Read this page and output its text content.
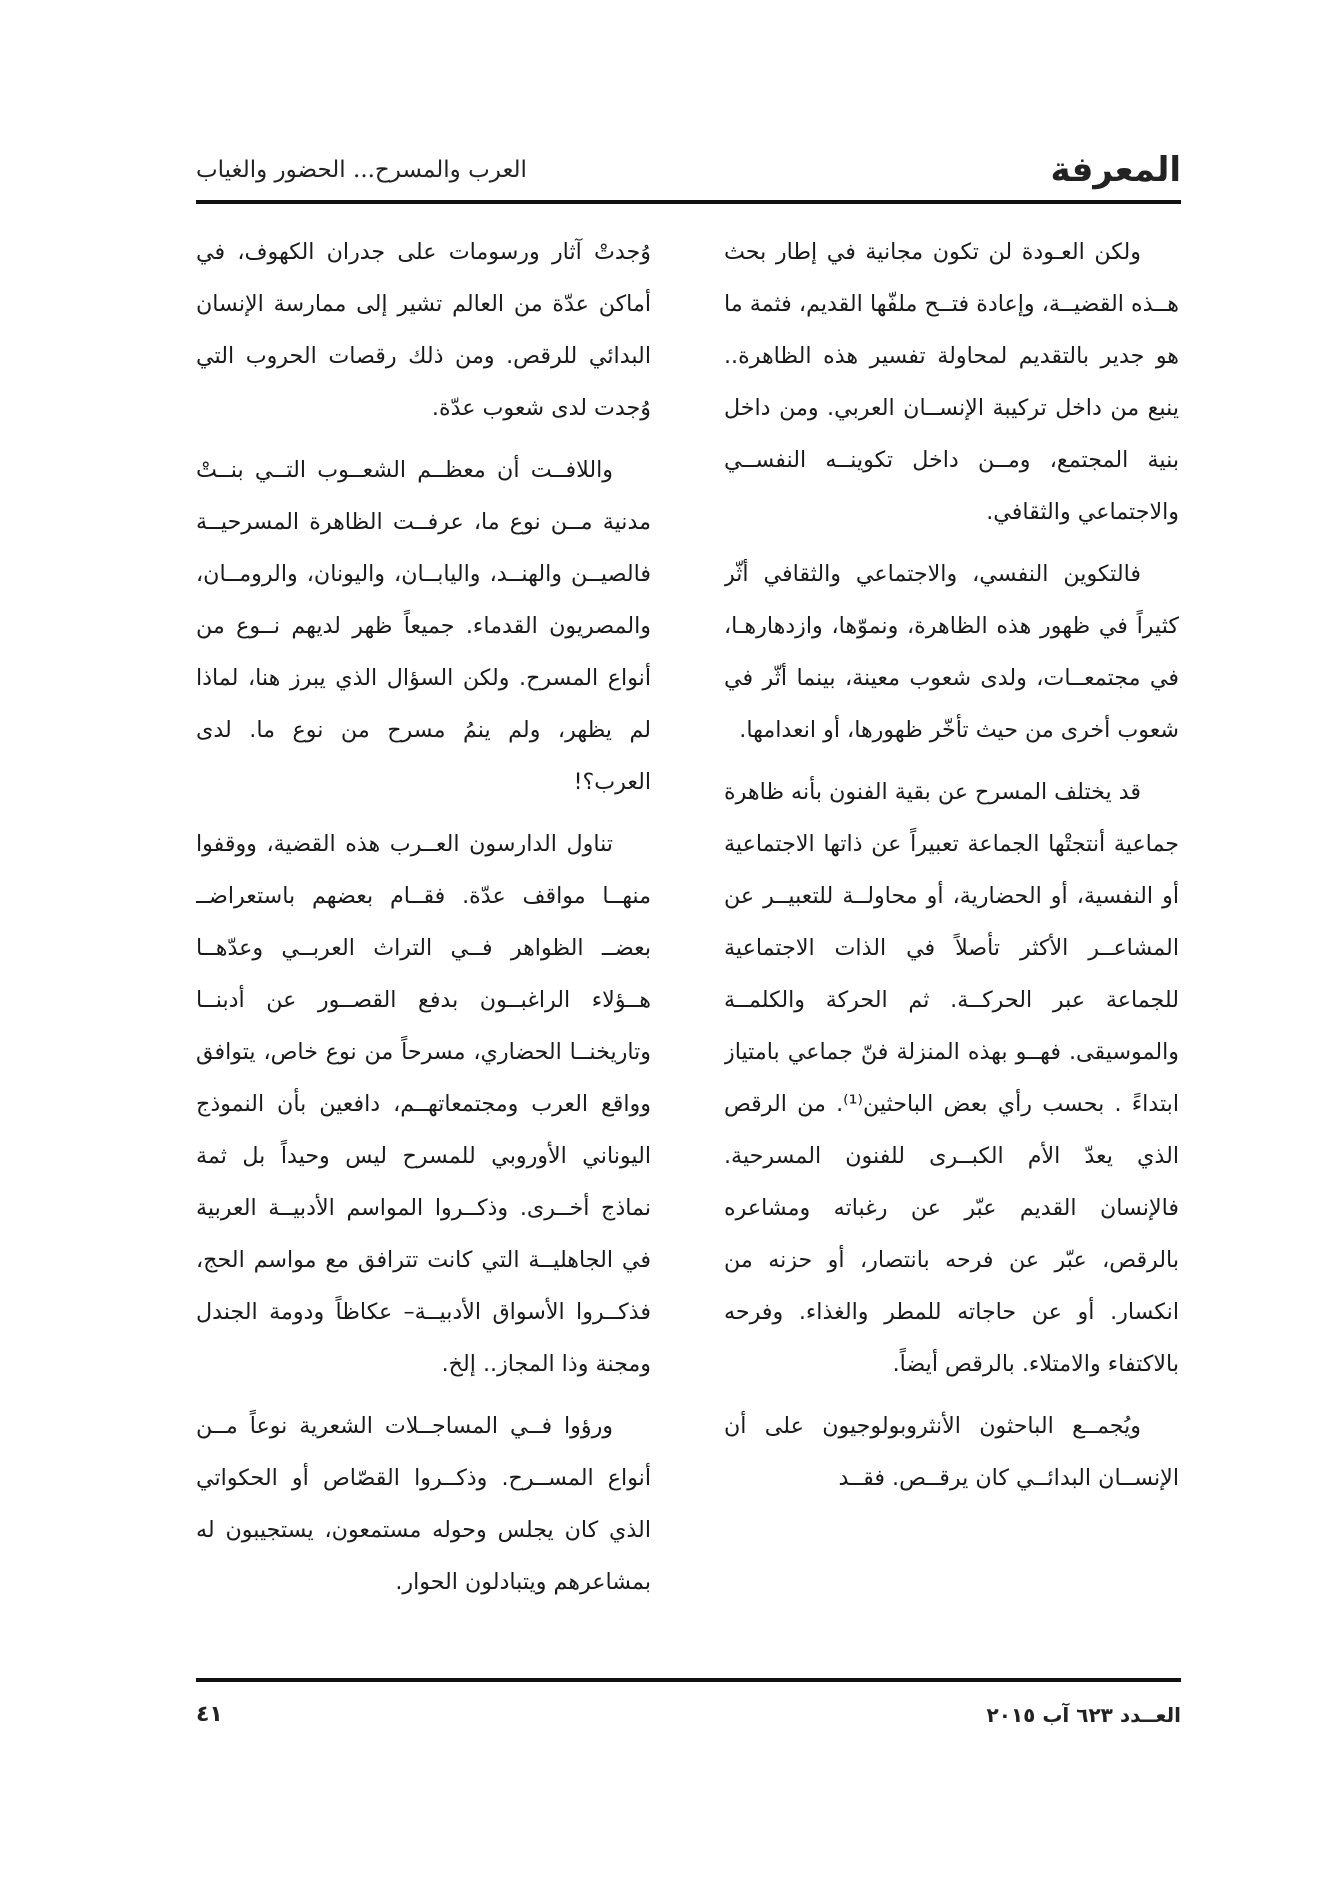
المعرفة
العرب والمسرح... الحضور والغياب

ولكن العـودة لن تكون مجانية في إطار بحث هــذه القضيــة، وإعادة فتــح ملفّها القديم، فثمة ما هو جدير بالتقديم لمحاولة تفسير هذه الظاهرة.. ينبع من داخل تركيبة الإنســان العربي. ومن داخل بنية المجتمع، ومــن داخل تكوينــه النفســي والاجتماعي والثقافي.

فالتكوين النفسي، والاجتماعي والثقافي أثّر كثيراً في ظهور هذه الظاهرة، ونموّها، وازدهارهـا، في مجتمعــات، ولدى شعوب معينة، بينما أثّر في شعوب أخرى من حيث تأخّر ظهورها، أو انعدامها.

قد يختلف المسرح عن بقية الفنون بأنه ظاهرة جماعية أنتجتْها الجماعة تعبيراً عن ذاتها الاجتماعية أو النفسية، أو الحضارية، أو محاولــة للتعبيــر عن المشاعــر الأكثر تأصلاً في الذات الاجتماعية للجماعة عبر الحركــة. ثم الحركة والكلمــة والموسيقى. فهــو بهذه المنزلة فنّ جماعي بامتياز ابتداءً . بحسب رأي بعض الباحثين⁽¹⁾. من الرقص الذي يعدّ الأم الكبــرى للفنون المسرحية. فالإنسان القديم عبّر عن رغباته ومشاعره بالرقص، عبّر عن فرحه بانتصار، أو حزنه من انكسار. أو عن حاجاته للمطر والغذاء. وفرحه بالاكتفاء والامتلاء. بالرقص أيضاً.

ويُجمــع الباحثون الأنثروبولوجيون على أن الإنســان البدائــي كان يرقــص. فقــد

وُجدتْ آثار ورسومات على جدران الكهوف، في أماكن عدّة من العالم تشير إلى ممارسة الإنسان البدائي للرقص. ومن ذلك رقصات الحروب التي وُجدت لدى شعوب عدّة.

واللافــت أن معظــم الشعــوب التــي بنــتْ مدنية مــن نوع ما، عرفــت الظاهرة المسرحيــة فالصيــن والهنــد، واليابــان، واليونان، والرومــان، والمصريون القدماء. جميعاً ظهر لديهم نــوع من أنواع المسرح. ولكن السؤال الذي يبرز هنا، لماذا لم يظهر، ولم ينمُ مسرح من نوع ما. لدى العرب؟!

تناول الدارسون العــرب هذه القضية، ووقفوا منهــا مواقف عدّة. فقــام بعضهم باستعراضــ بعضــ الظواهر فــي التراث العربــي وعدّهــا هــؤلاء الراغبــون بدفع القصــور عن أدبنــا وتاريخنــا الحضاري، مسرحاً من نوع خاص، يتوافق وواقع العرب ومجتمعاتهــم، دافعين بأن النموذج اليوناني الأوروبي للمسرح ليس وحيداً بل ثمة نماذج أخــرى. وذكــروا المواسم الأدبيــة العربية في الجاهليــة التي كانت تترافق مع مواسم الحج، فذكــروا الأسواق الأدبيــة– عكاظاً ودومة الجندل ومجنة وذا المجاز.. إلخ.

ورؤوا فــي المساجــلات الشعرية نوعاً مــن أنواع المســرح. وذكــروا القصّاص أو الحكواتي الذي كان يجلس وحوله مستمعون، يستجيبون له بمشاعرهم ويتبادلون الحوار.

العــدد ٦٢٣ آب ٢٠١٥
٤١
